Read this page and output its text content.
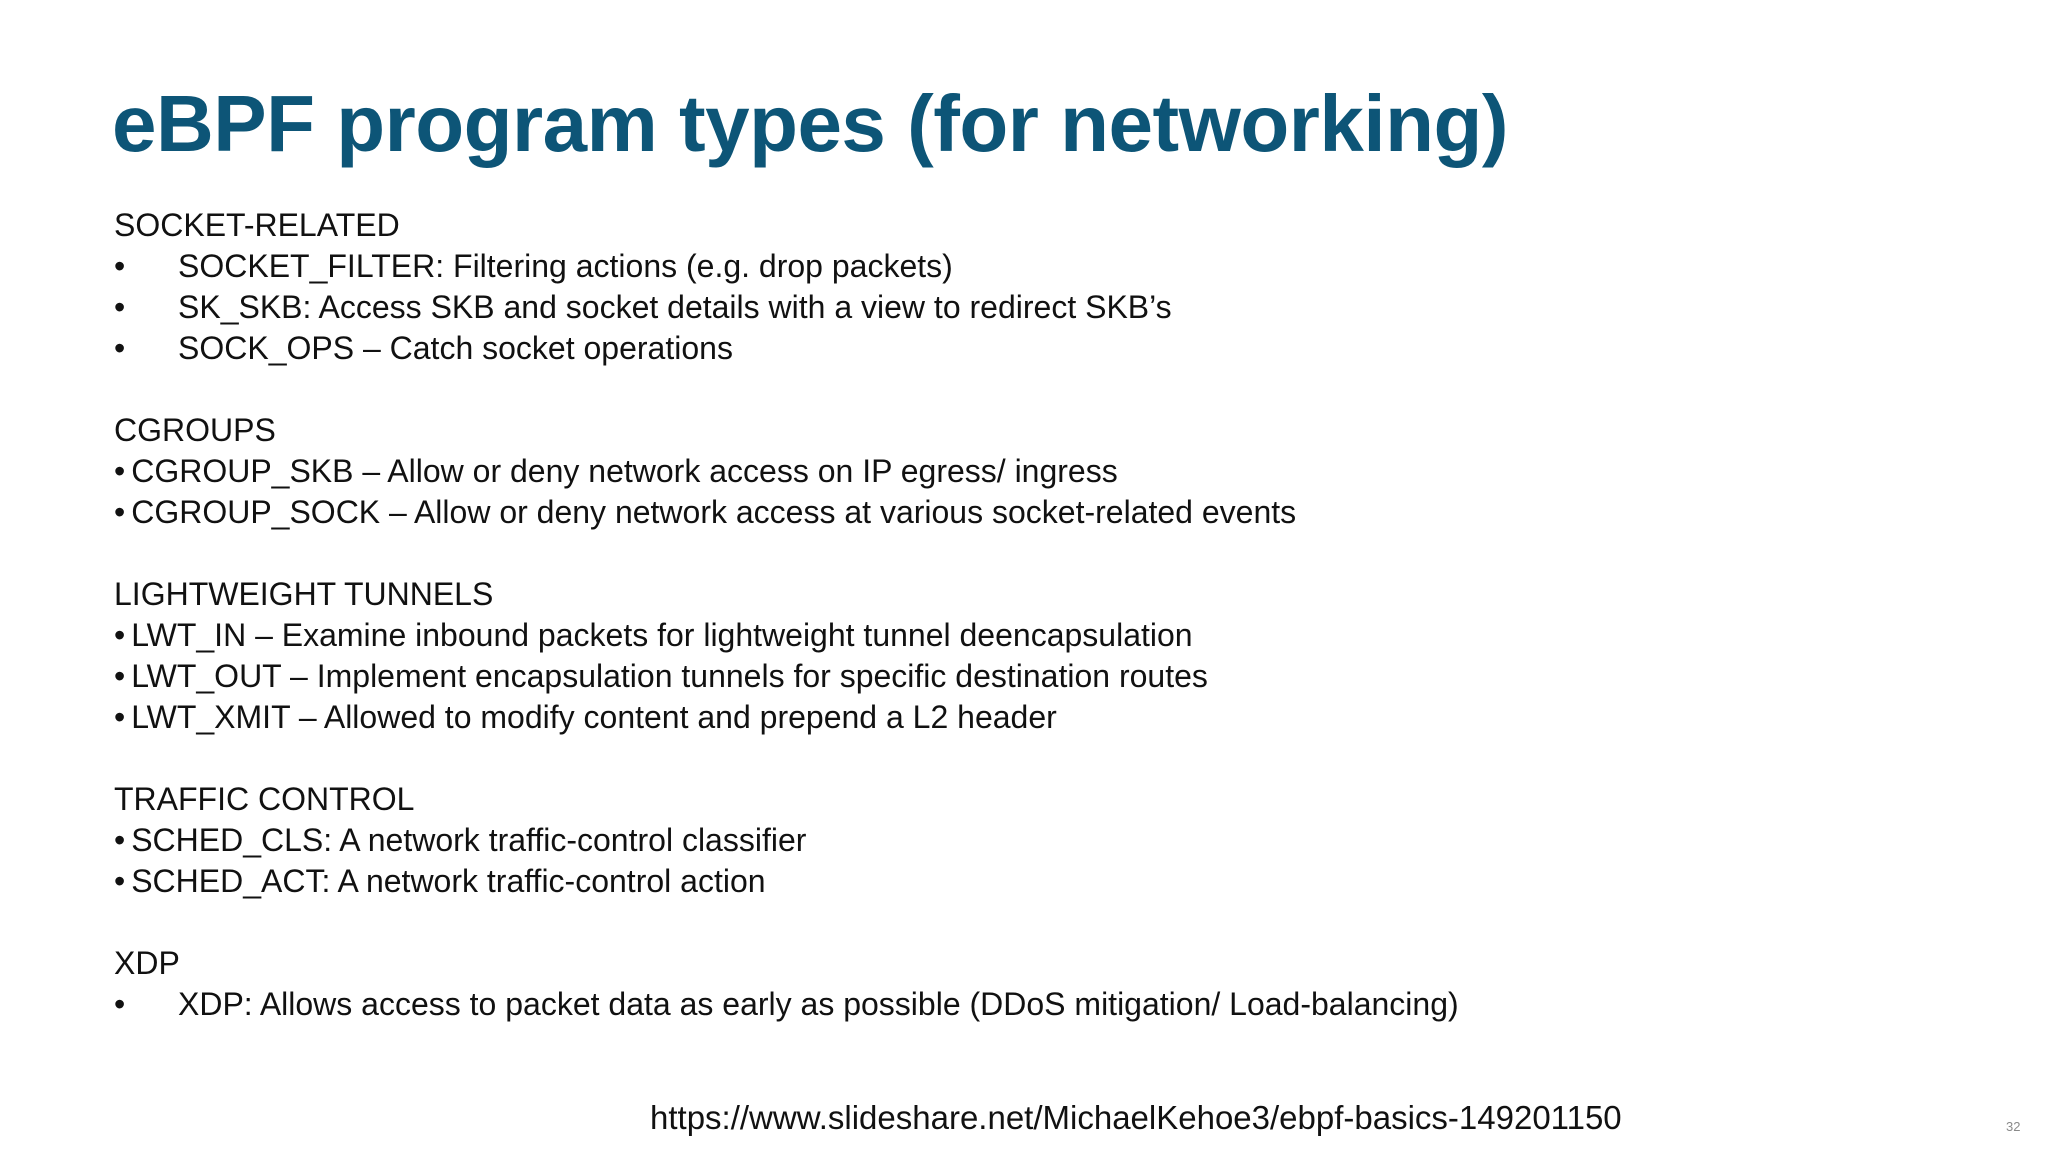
eBPF program types (for networking)
SOCKET-RELATED
•	SOCKET_FILTER: Filtering actions (e.g. drop packets)
•	SK_SKB: Access SKB and socket details with a view to redirect SKB’s
•	SOCK_OPS – Catch socket operations
CGROUPS
• CGROUP_SKB – Allow or deny network access on IP egress/ ingress
• CGROUP_SOCK – Allow or deny network access at various socket-related events
LIGHTWEIGHT TUNNELS
• LWT_IN – Examine inbound packets for lightweight tunnel deencapsulation
• LWT_OUT – Implement encapsulation tunnels for specific destination routes
• LWT_XMIT – Allowed to modify content and prepend a L2 header
TRAFFIC CONTROL
• SCHED_CLS: A network traffic-control classifier
• SCHED_ACT: A network traffic-control action
XDP
•	XDP: Allows access to packet data as early as possible (DDoS mitigation/ Load-balancing)
https://www.slideshare.net/MichaelKehoe3/ebpf-basics-149201150	32
